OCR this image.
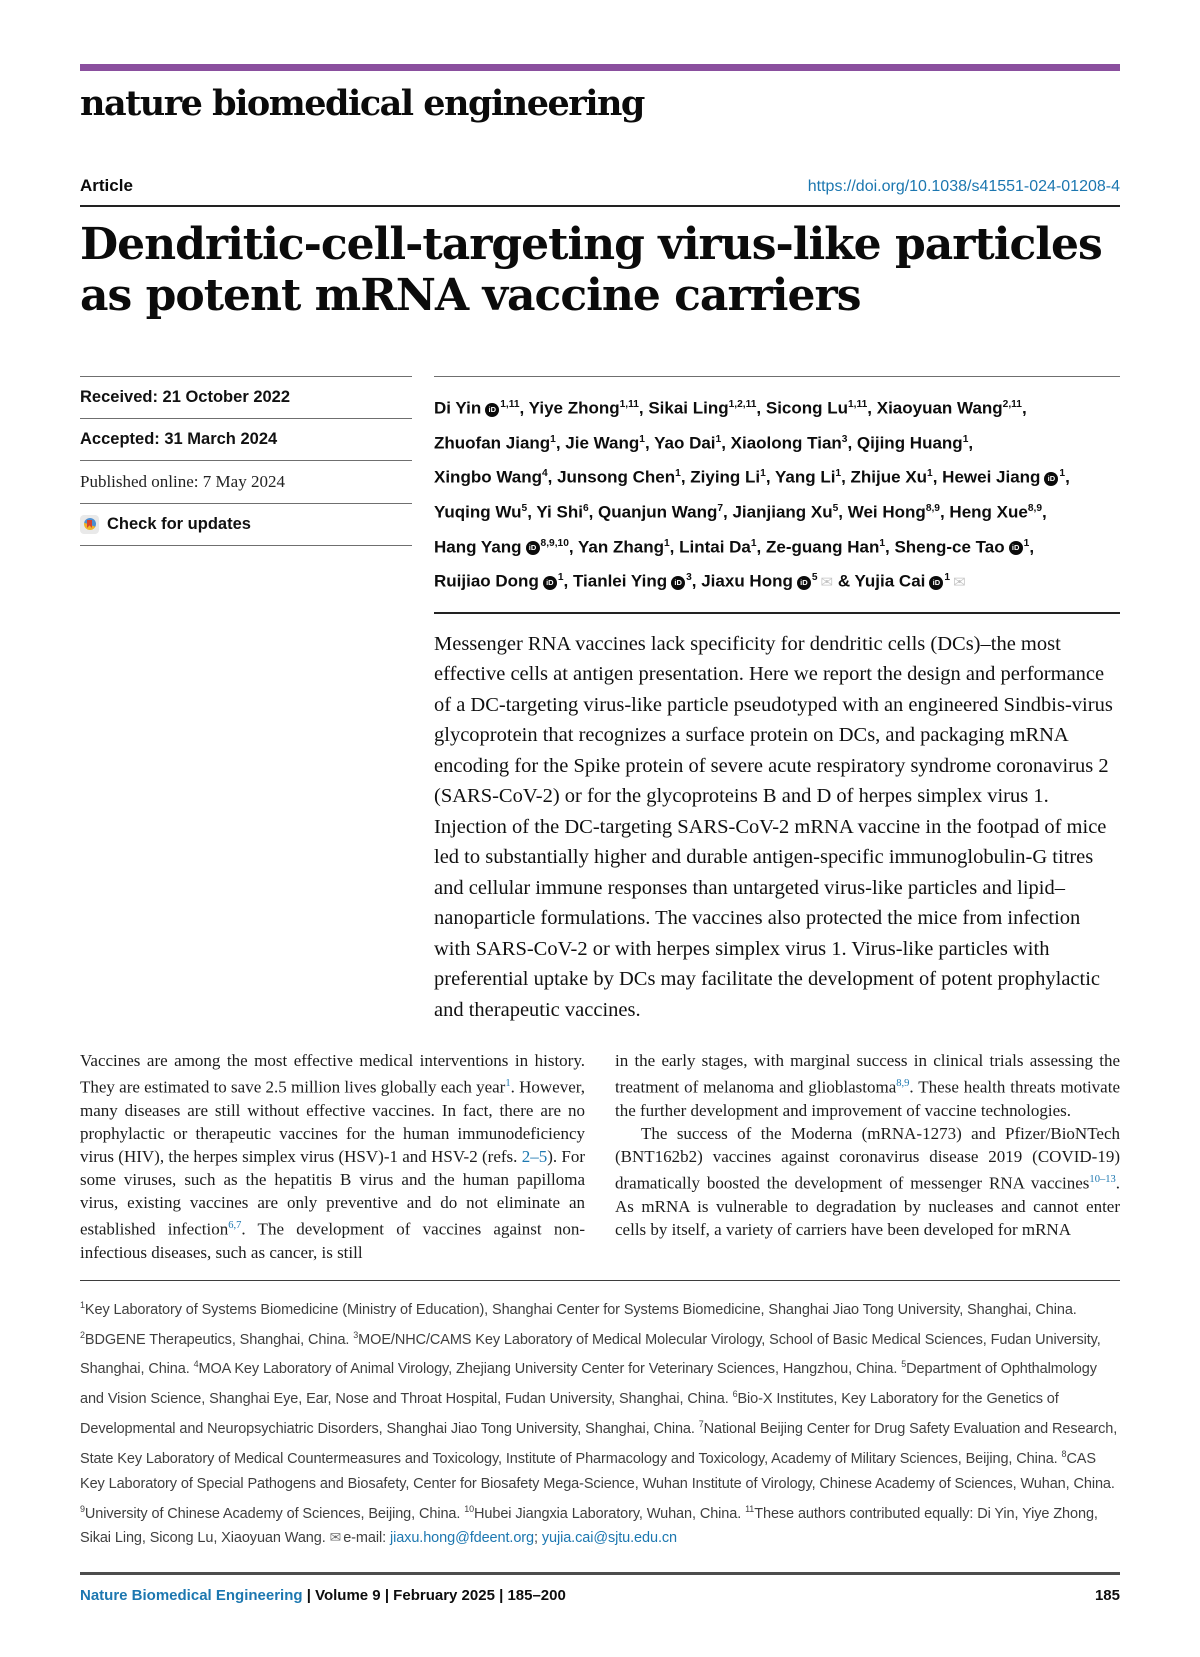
nature biomedical engineering
Article	https://doi.org/10.1038/s41551-024-01208-4
Dendritic-cell-targeting virus-like particles as potent mRNA vaccine carriers
Received: 21 October 2022
Accepted: 31 March 2024
Published online: 7 May 2024
Check for updates
Di Yin iD $^{1,11}$, Yiye Zhong$^{1,11}$, Sikai Ling$^{1,2,11}$, Sicong Lu$^{1,11}$, Xiaoyuan Wang$^{2,11}$,
Zhuofan Jiang$^1$, Jie Wang$^1$, Yao Dai$^1$, Xiaolong Tian$^3$, Qijing Huang$^1$,
Xingbo Wang$^4$, Junsong Chen$^1$, Ziying Li$^1$, Yang Li$^1$, Zhijue Xu$^1$, Hewei Jiang iD $^1$,
Yuqing Wu$^5$, Yi Shi$^6$, Quanjun Wang$^7$, Jianjiang Xu$^5$, Wei Hong$^{8,9}$, Heng Xue$^{8,9}$,
Hang Yang iD $^{8,9,10}$, Yan Zhang$^1$, Lintai Da$^1$, Ze-guang Han$^1$, Sheng-ce Tao iD $^1$,
Ruijiao Dong iD $^1$, Tianlei Ying iD $^3$, Jiaxu Hong iD $^5$ ✉ & Yujia Cai iD $^1$ ✉
Messenger RNA vaccines lack specificity for dendritic cells (DCs)–the most effective cells at antigen presentation. Here we report the design and performance of a DC-targeting virus-like particle pseudotyped with an engineered Sindbis-virus glycoprotein that recognizes a surface protein on DCs, and packaging mRNA encoding for the Spike protein of severe acute respiratory syndrome coronavirus 2 (SARS-CoV-2) or for the glycoproteins B and D of herpes simplex virus 1. Injection of the DC-targeting SARS-CoV-2 mRNA vaccine in the footpad of mice led to substantially higher and durable antigen-specific immunoglobulin-G titres and cellular immune responses than untargeted virus-like particles and lipid–nanoparticle formulations. The vaccines also protected the mice from infection with SARS-CoV-2 or with herpes simplex virus 1. Virus-like particles with preferential uptake by DCs may facilitate the development of potent prophylactic and therapeutic vaccines.
Vaccines are among the most effective medical interventions in history. They are estimated to save 2.5 million lives globally each year$^1$. However, many diseases are still without effective vaccines. In fact, there are no prophylactic or therapeutic vaccines for the human immunodeficiency virus (HIV), the herpes simplex virus (HSV)-1 and HSV-2 (refs. 2–5). For some viruses, such as the hepatitis B virus and the human papilloma virus, existing vaccines are only preventive and do not eliminate an established infection$^{6,7}$. The development of vaccines against non-infectious diseases, such as cancer, is still
in the early stages, with marginal success in clinical trials assessing the treatment of melanoma and glioblastoma$^{8,9}$. These health threats motivate the further development and improvement of vaccine technologies.
The success of the Moderna (mRNA-1273) and Pfizer/BioNTech (BNT162b2) vaccines against coronavirus disease 2019 (COVID-19) dramatically boosted the development of messenger RNA vaccines$^{10-13}$. As mRNA is vulnerable to degradation by nucleases and cannot enter cells by itself, a variety of carriers have been developed for mRNA
$^1$Key Laboratory of Systems Biomedicine (Ministry of Education), Shanghai Center for Systems Biomedicine, Shanghai Jiao Tong University, Shanghai, China. $^2$BDGENE Therapeutics, Shanghai, China. $^3$MOE/NHC/CAMS Key Laboratory of Medical Molecular Virology, School of Basic Medical Sciences, Fudan University, Shanghai, China. $^4$MOA Key Laboratory of Animal Virology, Zhejiang University Center for Veterinary Sciences, Hangzhou, China. $^5$Department of Ophthalmology and Vision Science, Shanghai Eye, Ear, Nose and Throat Hospital, Fudan University, Shanghai, China. $^6$Bio-X Institutes, Key Laboratory for the Genetics of Developmental and Neuropsychiatric Disorders, Shanghai Jiao Tong University, Shanghai, China. $^7$National Beijing Center for Drug Safety Evaluation and Research, State Key Laboratory of Medical Countermeasures and Toxicology, Institute of Pharmacology and Toxicology, Academy of Military Sciences, Beijing, China. $^8$CAS Key Laboratory of Special Pathogens and Biosafety, Center for Biosafety Mega-Science, Wuhan Institute of Virology, Chinese Academy of Sciences, Wuhan, China. $^9$University of Chinese Academy of Sciences, Beijing, China. $^{10}$Hubei Jiangxia Laboratory, Wuhan, China. $^{11}$These authors contributed equally: Di Yin, Yiye Zhong, Sikai Ling, Sicong Lu, Xiaoyuan Wang. ✉ e-mail: jiaxu.hong@fdeent.org; yujia.cai@sjtu.edu.cn
Nature Biomedical Engineering | Volume 9 | February 2025 | 185–200	185
